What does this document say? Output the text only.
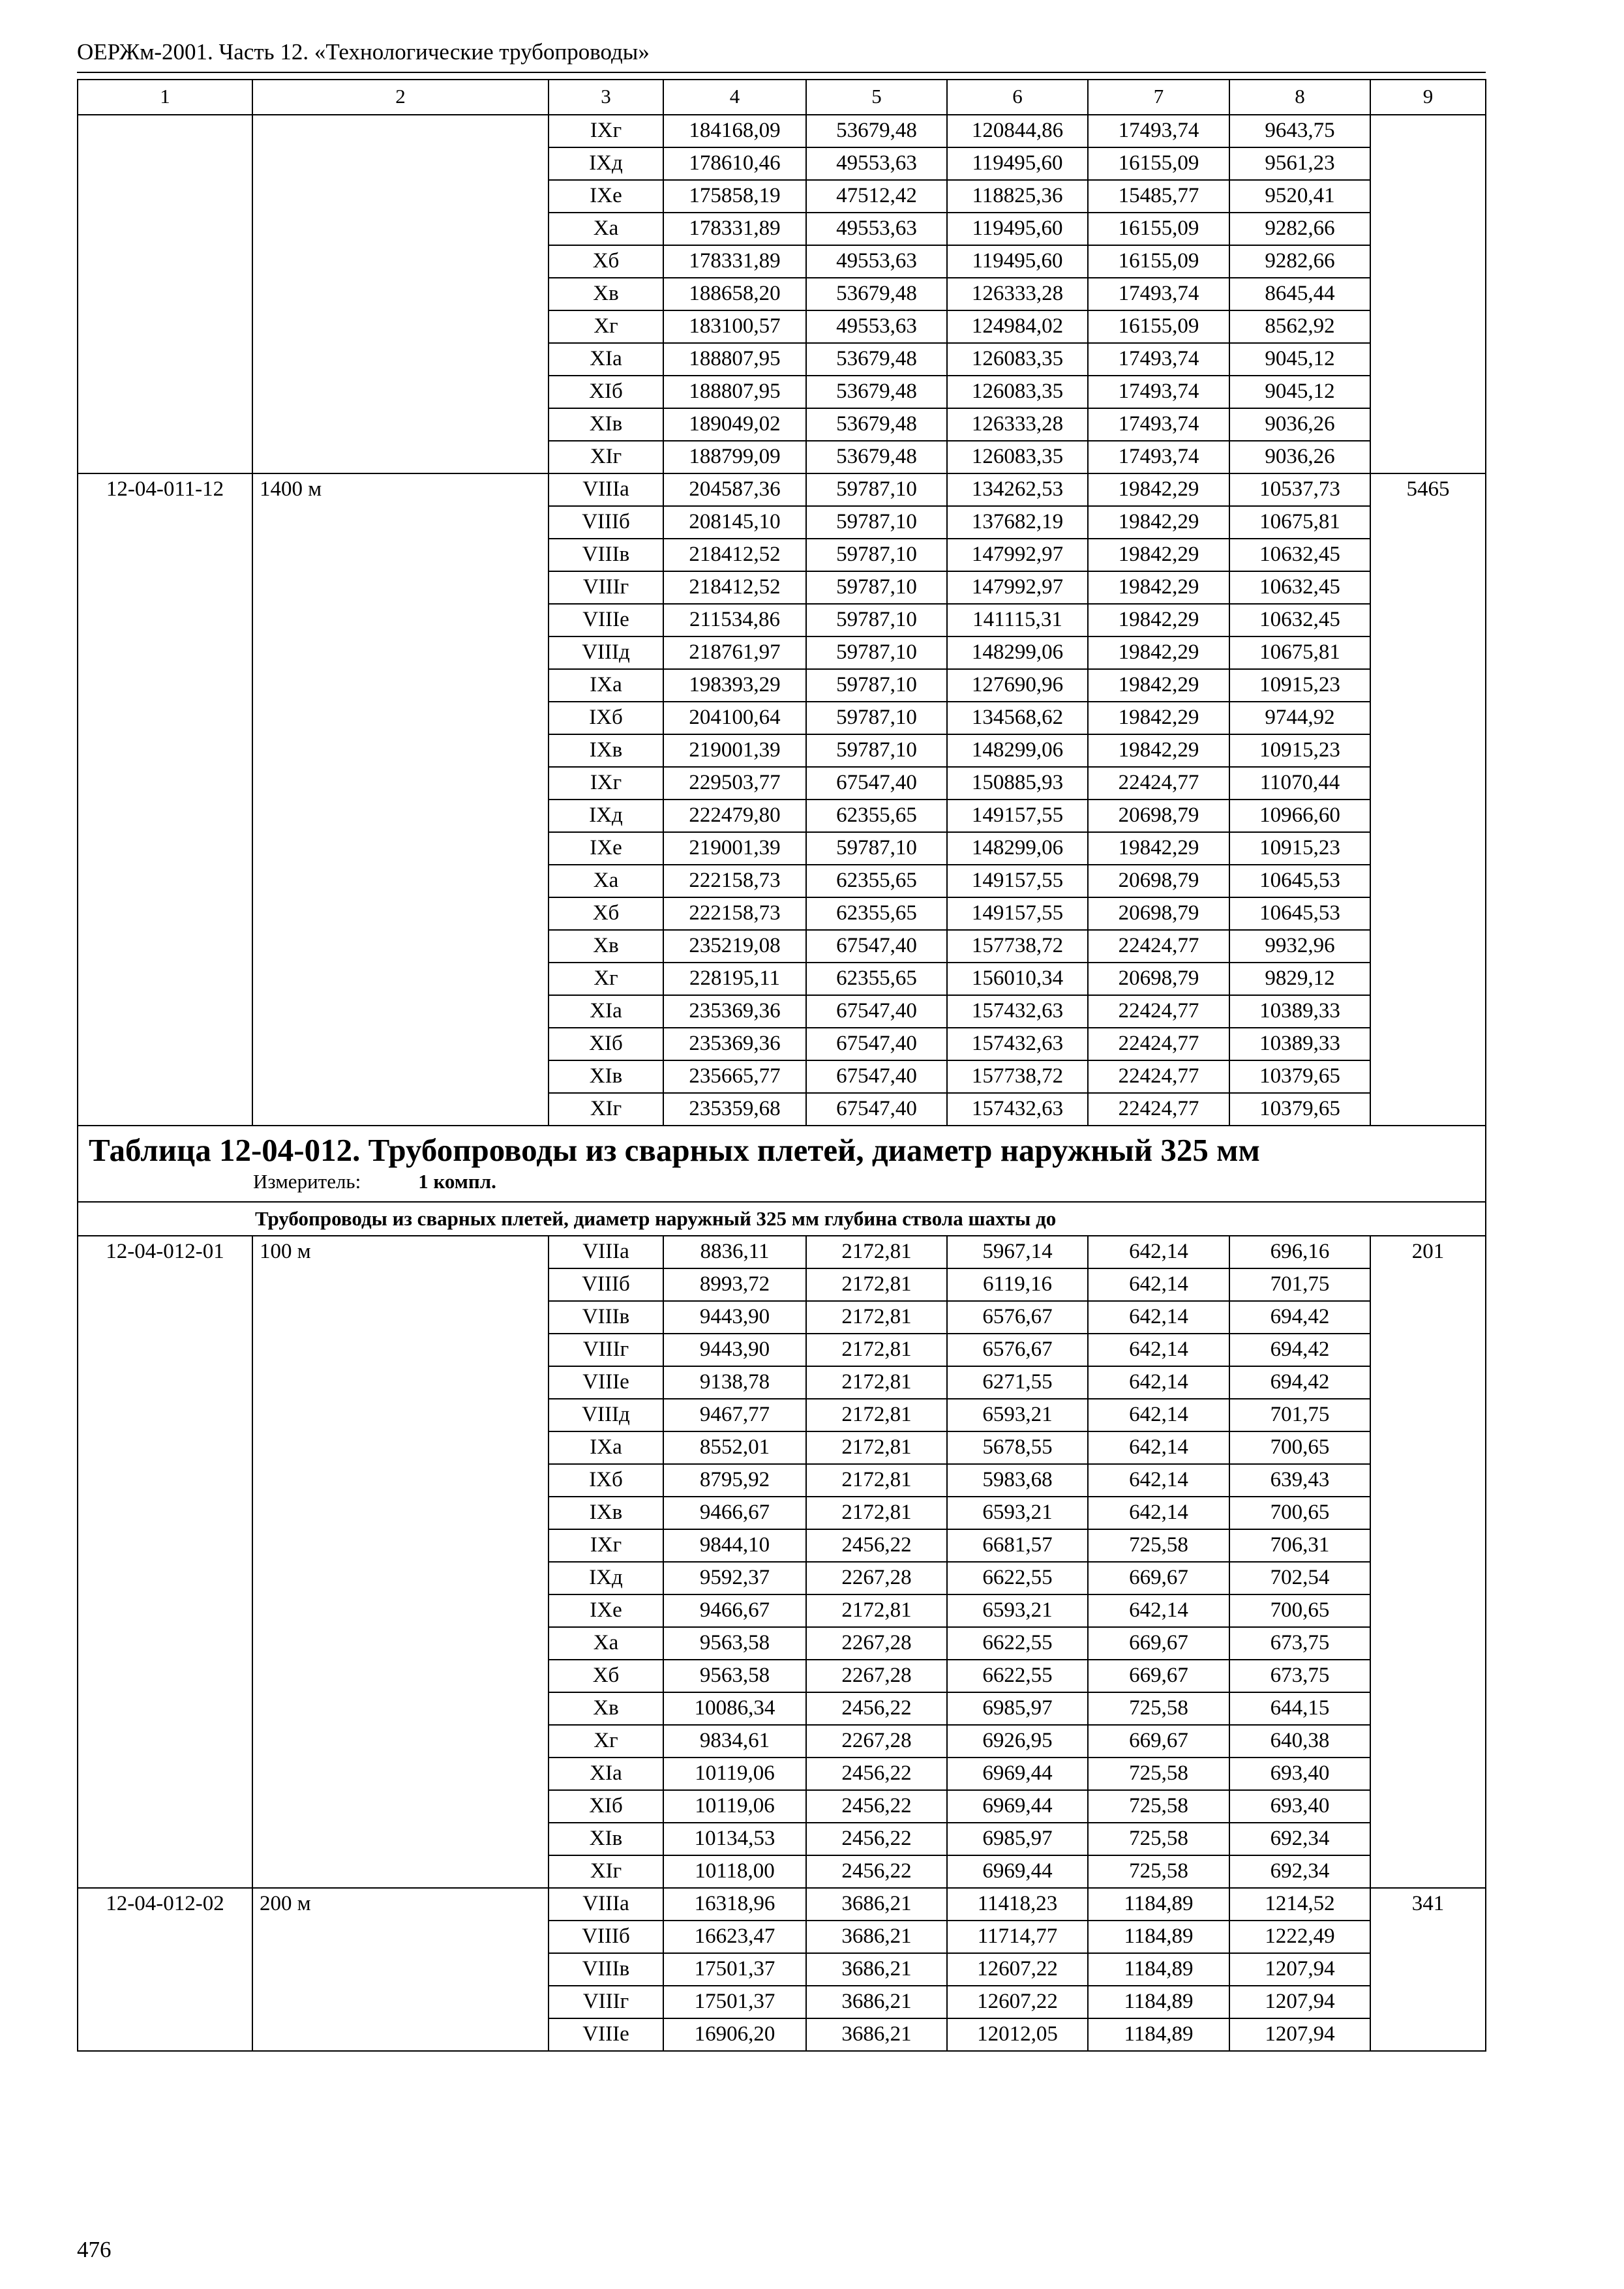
ОЕРЖм-2001. Часть 12. «Технологические трубопроводы»
1	2	3	4	5	6	7	8	9
		IXг	184168,09	53679,48	120844,86	17493,74	9643,75	
		IXд	178610,46	49553,63	119495,60	16155,09	9561,23	
		IXе	175858,19	47512,42	118825,36	15485,77	9520,41	
		Xа	178331,89	49553,63	119495,60	16155,09	9282,66	
		Xб	178331,89	49553,63	119495,60	16155,09	9282,66	
		Xв	188658,20	53679,48	126333,28	17493,74	8645,44	
		Xг	183100,57	49553,63	124984,02	16155,09	8562,92	
		XIа	188807,95	53679,48	126083,35	17493,74	9045,12	
		XIб	188807,95	53679,48	126083,35	17493,74	9045,12	
		XIв	189049,02	53679,48	126333,28	17493,74	9036,26	
		XIг	188799,09	53679,48	126083,35	17493,74	9036,26	
12-04-011-12	1400 м	VIIIа	204587,36	59787,10	134262,53	19842,29	10537,73	5465
		VIIIб	208145,10	59787,10	137682,19	19842,29	10675,81	
		VIIIв	218412,52	59787,10	147992,97	19842,29	10632,45	
		VIIIг	218412,52	59787,10	147992,97	19842,29	10632,45	
		VIIIе	211534,86	59787,10	141115,31	19842,29	10632,45	
		VIIIд	218761,97	59787,10	148299,06	19842,29	10675,81	
		IXа	198393,29	59787,10	127690,96	19842,29	10915,23	
		IXб	204100,64	59787,10	134568,62	19842,29	9744,92	
		IXв	219001,39	59787,10	148299,06	19842,29	10915,23	
		IXг	229503,77	67547,40	150885,93	22424,77	11070,44	
		IXд	222479,80	62355,65	149157,55	20698,79	10966,60	
		IXе	219001,39	59787,10	148299,06	19842,29	10915,23	
		Xа	222158,73	62355,65	149157,55	20698,79	10645,53	
		Xб	222158,73	62355,65	149157,55	20698,79	10645,53	
		Xв	235219,08	67547,40	157738,72	22424,77	9932,96	
		Xг	228195,11	62355,65	156010,34	20698,79	9829,12	
		XIа	235369,36	67547,40	157432,63	22424,77	10389,33	
		XIб	235369,36	67547,40	157432,63	22424,77	10389,33	
		XIв	235665,77	67547,40	157738,72	22424,77	10379,65	
		XIг	235359,68	67547,40	157432,63	22424,77	10379,65	

Таблица 12-04-012. Трубопроводы из сварных плетей, диаметр наружный 325 мм
Измеритель: 1 компл.								

	Трубопроводы из сварных плетей, диаметр наружный 325 мм глубина ствола шахты до							
12-04-012-01	100 м	VIIIа	8836,11	2172,81	5967,14	642,14	696,16	201
		VIIIб	8993,72	2172,81	6119,16	642,14	701,75	
		VIIIв	9443,90	2172,81	6576,67	642,14	694,42	
		VIIIг	9443,90	2172,81	6576,67	642,14	694,42	
		VIIIе	9138,78	2172,81	6271,55	642,14	694,42	
		VIIIд	9467,77	2172,81	6593,21	642,14	701,75	
		IXа	8552,01	2172,81	5678,55	642,14	700,65	
		IXб	8795,92	2172,81	5983,68	642,14	639,43	
		IXв	9466,67	2172,81	6593,21	642,14	700,65	
		IXг	9844,10	2456,22	6681,57	725,58	706,31	
		IXд	9592,37	2267,28	6622,55	669,67	702,54	
		IXе	9466,67	2172,81	6593,21	642,14	700,65	
		Xа	9563,58	2267,28	6622,55	669,67	673,75	
		Xб	9563,58	2267,28	6622,55	669,67	673,75	
		Xв	10086,34	2456,22	6985,97	725,58	644,15	
		Xг	9834,61	2267,28	6926,95	669,67	640,38	
		XIа	10119,06	2456,22	6969,44	725,58	693,40	
		XIб	10119,06	2456,22	6969,44	725,58	693,40	
		XIв	10134,53	2456,22	6985,97	725,58	692,34	
		XIг	10118,00	2456,22	6969,44	725,58	692,34	
12-04-012-02	200 м	VIIIа	16318,96	3686,21	11418,23	1184,89	1214,52	341
		VIIIб	16623,47	3686,21	11714,77	1184,89	1222,49	
		VIIIв	17501,37	3686,21	12607,22	1184,89	1207,94	
		VIIIг	17501,37	3686,21	12607,22	1184,89	1207,94	
		VIIIе	16906,20	3686,21	12012,05	1184,89	1207,94	
476
